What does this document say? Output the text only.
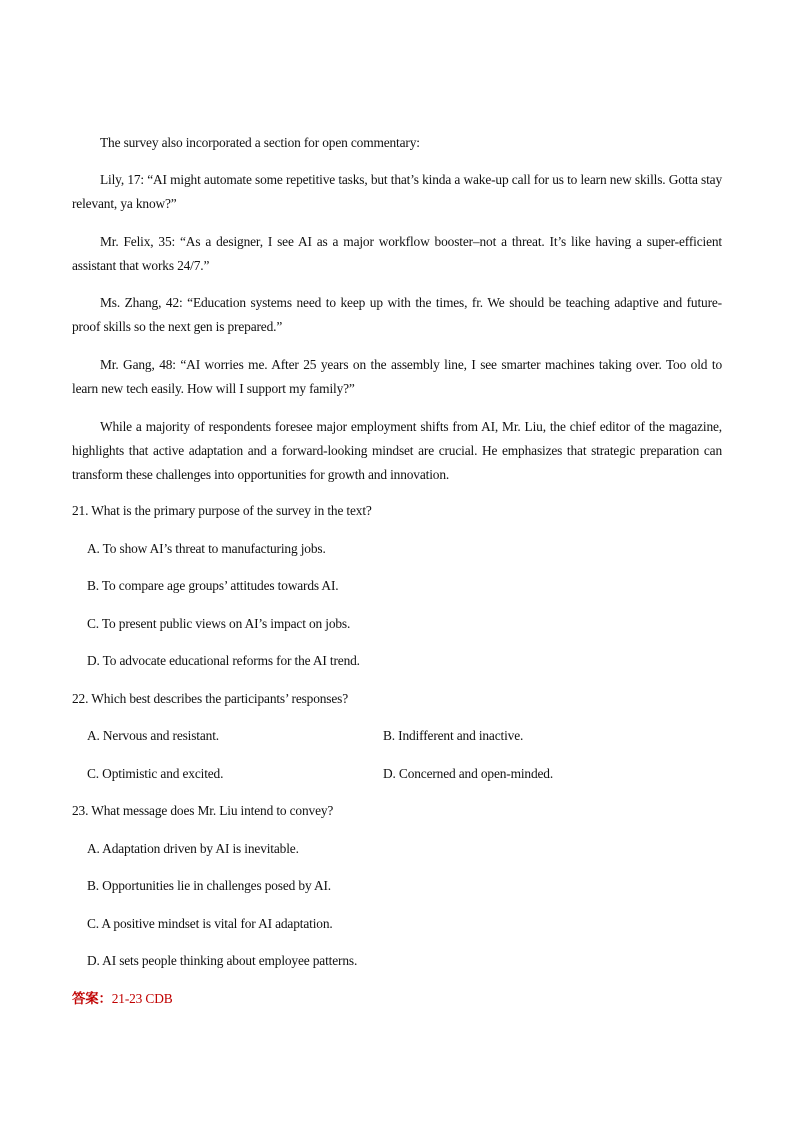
The survey also incorporated a section for open commentary:

Lily, 17: “AI might automate some repetitive tasks, but that’s kinda a wake-up call for us to learn new skills. Gotta stay relevant, ya know?”

Mr. Felix, 35: “As a designer, I see AI as a major workflow booster–not a threat. It’s like having a super-efficient assistant that works 24/7.”

Ms. Zhang, 42: “Education systems need to keep up with the times, fr. We should be teaching adaptive and future-proof skills so the next gen is prepared.”

Mr. Gang, 48: “AI worries me. After 25 years on the assembly line, I see smarter machines taking over. Too old to learn new tech easily. How will I support my family?”

While a majority of respondents foresee major employment shifts from AI, Mr. Liu, the chief editor of the magazine, highlights that active adaptation and a forward-looking mindset are crucial. He emphasizes that strategic preparation can transform these challenges into opportunities for growth and innovation.

21. What is the primary purpose of the survey in the text?

A. To show AI’s threat to manufacturing jobs.

B. To compare age groups’ attitudes towards AI.

C. To present public views on AI’s impact on jobs.

D. To advocate educational reforms for the AI trend.

22. Which best describes the participants’ responses?

A. Nervous and resistant.	B. Indifferent and inactive.

C. Optimistic and excited.	D. Concerned and open-minded.

23. What message does Mr. Liu intend to convey?

A. Adaptation driven by AI is inevitable.

B. Opportunities lie in challenges posed by AI.

C. A positive mindset is vital for AI adaptation.

D. AI sets people thinking about employee patterns.

答案：21-23 CDB
